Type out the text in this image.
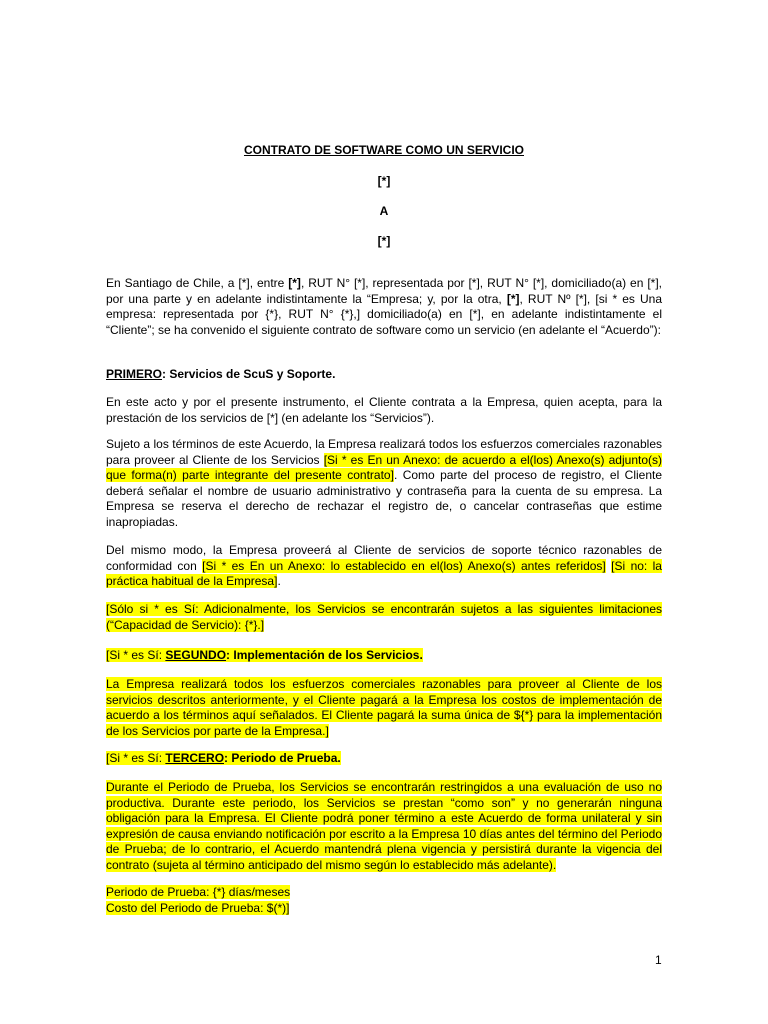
CONTRATO DE SOFTWARE COMO UN SERVICIO
[*]
A
[*]
En Santiago de Chile, a [*], entre [*], RUT N° [*], representada por [*], RUT N° [*], domiciliado(a) en [*], por una parte y en adelante indistintamente la “Empresa; y, por la otra, [*], RUT Nº [*], [si * es Una empresa: representada por {*}, RUT N° {*},] domiciliado(a) en [*], en adelante indistintamente el “Cliente”; se ha convenido el siguiente contrato de software como un servicio (en adelante el “Acuerdo”):
PRIMERO: Servicios de ScuS y Soporte.
En este acto y por el presente instrumento, el Cliente contrata a la Empresa, quien acepta, para la prestación de los servicios de [*] (en adelante los “Servicios”).
Sujeto a los términos de este Acuerdo, la Empresa realizará todos los esfuerzos comerciales razonables para proveer al Cliente de los Servicios [Si * es En un Anexo: de acuerdo a el(los) Anexo(s) adjunto(s) que forma(n) parte integrante del presente contrato]. Como parte del proceso de registro, el Cliente deberá señalar el nombre de usuario administrativo y contraseña para la cuenta de su empresa. La Empresa se reserva el derecho de rechazar el registro de, o cancelar contraseñas que estime inapropiadas.
Del mismo modo, la Empresa proveerá al Cliente de servicios de soporte técnico razonables de conformidad con [Si * es En un Anexo: lo establecido en el(los) Anexo(s) antes referidos] [Si no: la práctica habitual de la Empresa].
[Sólo si * es Sí: Adicionalmente, los Servicios se encontrarán sujetos a las siguientes limitaciones (“Capacidad de Servicio): {*}.]
[Si * es Sí: SEGUNDO: Implementación de los Servicios.
La Empresa realizará todos los esfuerzos comerciales razonables para proveer al Cliente de los servicios descritos anteriormente, y el Cliente pagará a la Empresa los costos de implementación de acuerdo a los términos aquí señalados. El Cliente pagará la suma única de ${*} para la implementación de los Servicios por parte de la Empresa.]
[Si * es Sí: TERCERO: Periodo de Prueba.
Durante el Periodo de Prueba, los Servicios se encontrarán restringidos a una evaluación de uso no productiva. Durante este periodo, los Servicios se prestan “como son” y no generarán ninguna obligación para la Empresa. El Cliente podrá poner término a este Acuerdo de forma unilateral y sin expresión de causa enviando notificación por escrito a la Empresa 10 días antes del término del Periodo de Prueba; de lo contrario, el Acuerdo mantendrá plena vigencia y persistirá durante la vigencia del contrato (sujeta al término anticipado del mismo según lo establecido más adelante).
Periodo de Prueba: {*} días/meses
Costo del Periodo de Prueba: $(*)]
1
